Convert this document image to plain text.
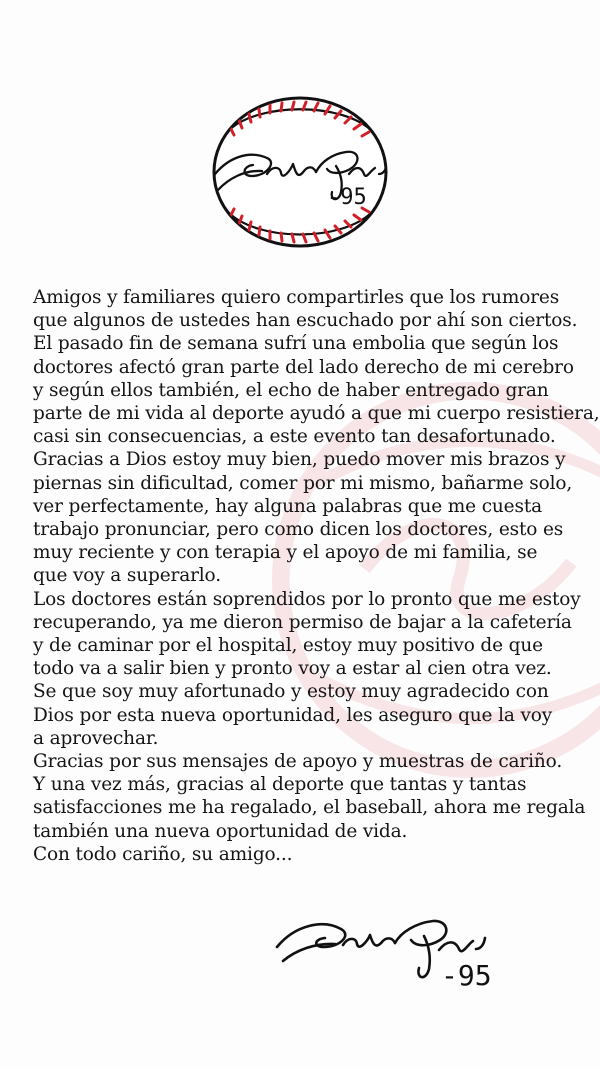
-95
Amigos y familiares quiero compartirles que los rumores
que algunos de ustedes han escuchado por ahí son ciertos.
El pasado fin de semana sufrí una embolia que según los
doctores afectó gran parte del lado derecho de mi cerebro
y según ellos también, el echo de haber entregado gran
parte de mi vida al deporte ayudó a que mi cuerpo resistiera,
casi sin consecuencias, a este evento tan desafortunado.
Gracias a Dios estoy muy bien, puedo mover mis brazos y
piernas sin dificultad, comer por mi mismo, bañarme solo,
ver perfectamente, hay alguna palabras que me cuesta
trabajo pronunciar, pero como dicen los doctores, esto es
muy reciente y con terapia y el apoyo de mi familia, se
que voy a superarlo.
Los doctores están soprendidos por lo pronto que me estoy
recuperando, ya me dieron permiso de bajar a la cafetería
y de caminar por el hospital, estoy muy positivo de que
todo va a salir bien y pronto voy a estar al cien otra vez.
Se que soy muy afortunado y estoy muy agradecido con
Dios por esta nueva oportunidad, les aseguro que la voy
a aprovechar.
Gracias por sus mensajes de apoyo y muestras de cariño.
Y una vez más, gracias al deporte que tantas y tantas
satisfacciones me ha regalado, el baseball, ahora me regala
también una nueva oportunidad de vida.
Con todo cariño, su amigo...
-95
